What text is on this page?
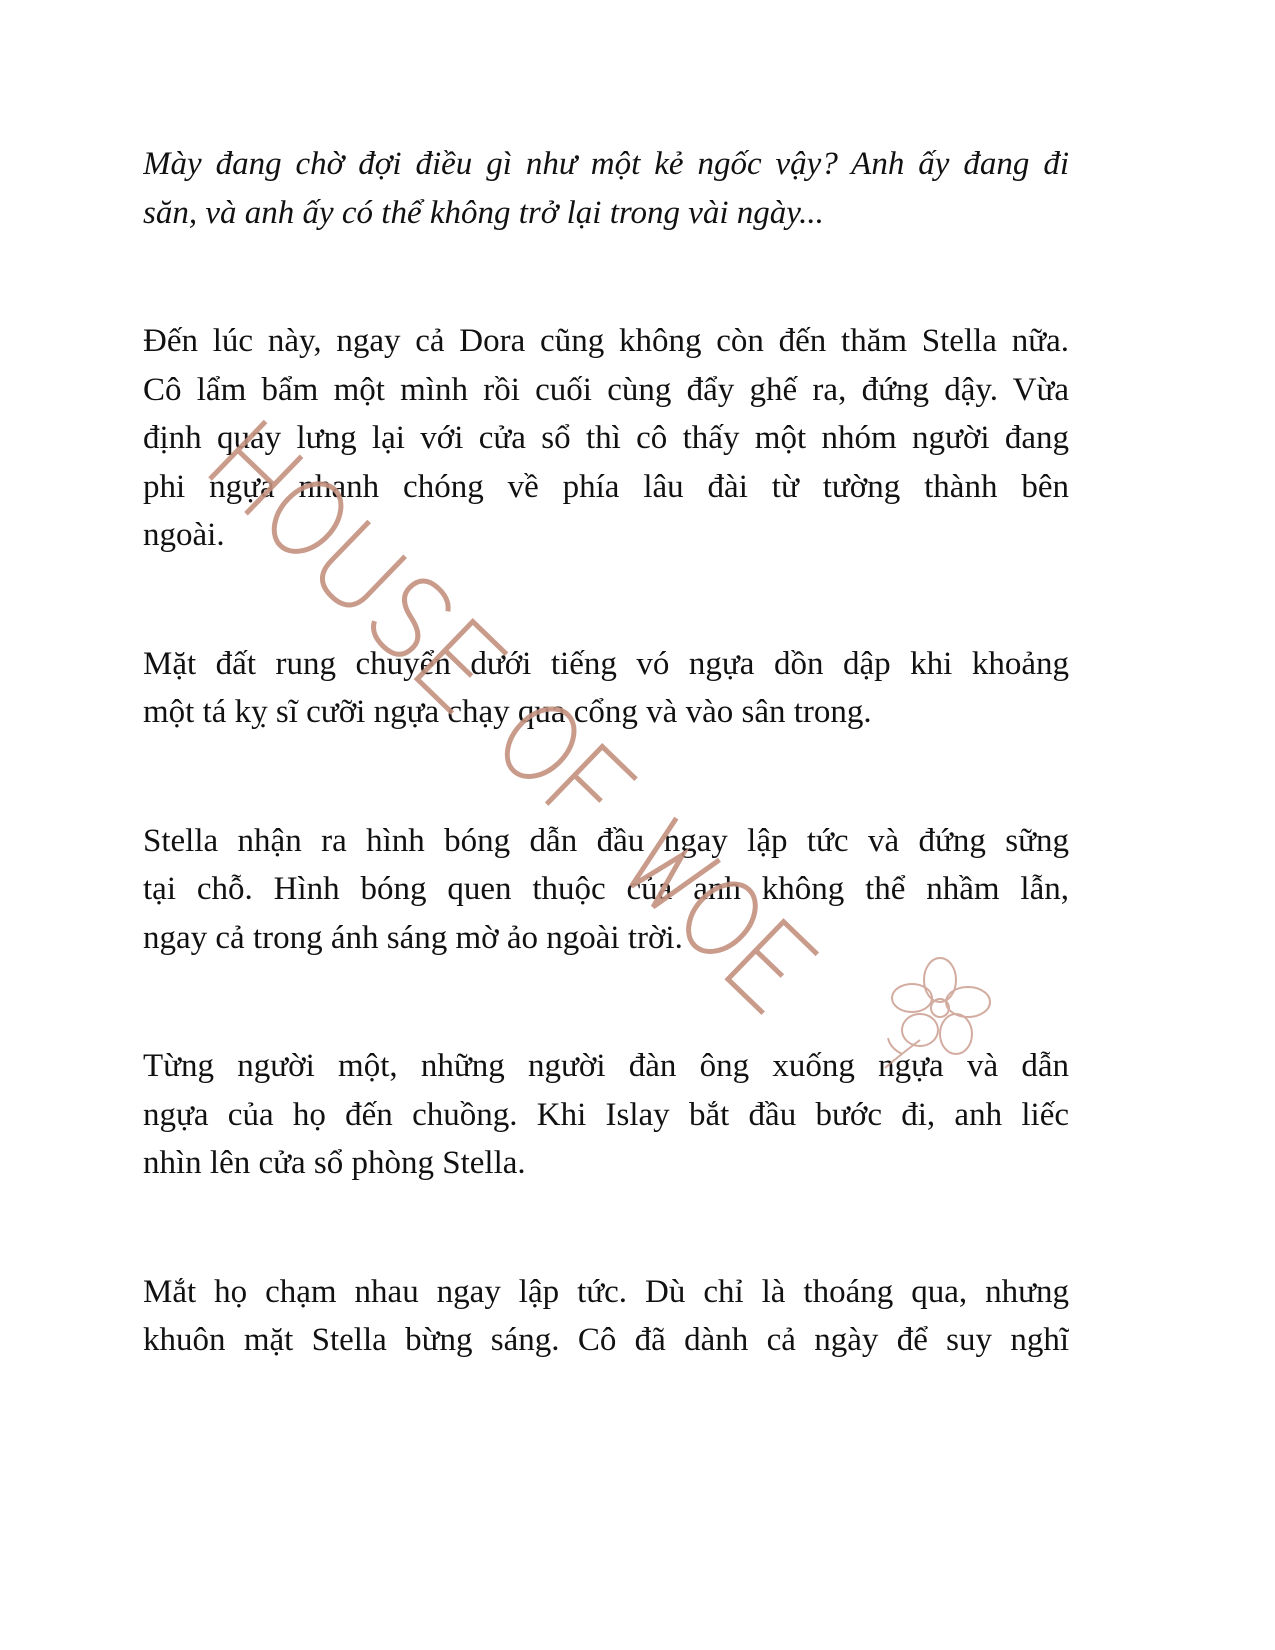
Mày đang chờ đợi điều gì như một kẻ ngốc vậy? Anh ấy đang đi
săn, và anh ấy có thể không trở lại trong vài ngày...
Đến lúc này, ngay cả Dora cũng không còn đến thăm Stella nữa.
Cô lẩm bẩm một mình rồi cuối cùng đẩy ghế ra, đứng dậy. Vừa
định quay lưng lại với cửa sổ thì cô thấy một nhóm người đang
phi ngựa nhanh chóng về phía lâu đài từ tường thành bên
ngoài.
Mặt đất rung chuyển dưới tiếng vó ngựa dồn dập khi khoảng
một tá kỵ sĩ cưỡi ngựa chạy qua cổng và vào sân trong.
Stella nhận ra hình bóng dẫn đầu ngay lập tức và đứng sững
tại chỗ. Hình bóng quen thuộc của anh không thể nhầm lẫn,
ngay cả trong ánh sáng mờ ảo ngoài trời.
Từng người một, những người đàn ông xuống ngựa và dẫn
ngựa của họ đến chuồng. Khi Islay bắt đầu bước đi, anh liếc
nhìn lên cửa sổ phòng Stella.
Mắt họ chạm nhau ngay lập tức. Dù chỉ là thoáng qua, nhưng
khuôn mặt Stella bừng sáng. Cô đã dành cả ngày để suy nghĩ
